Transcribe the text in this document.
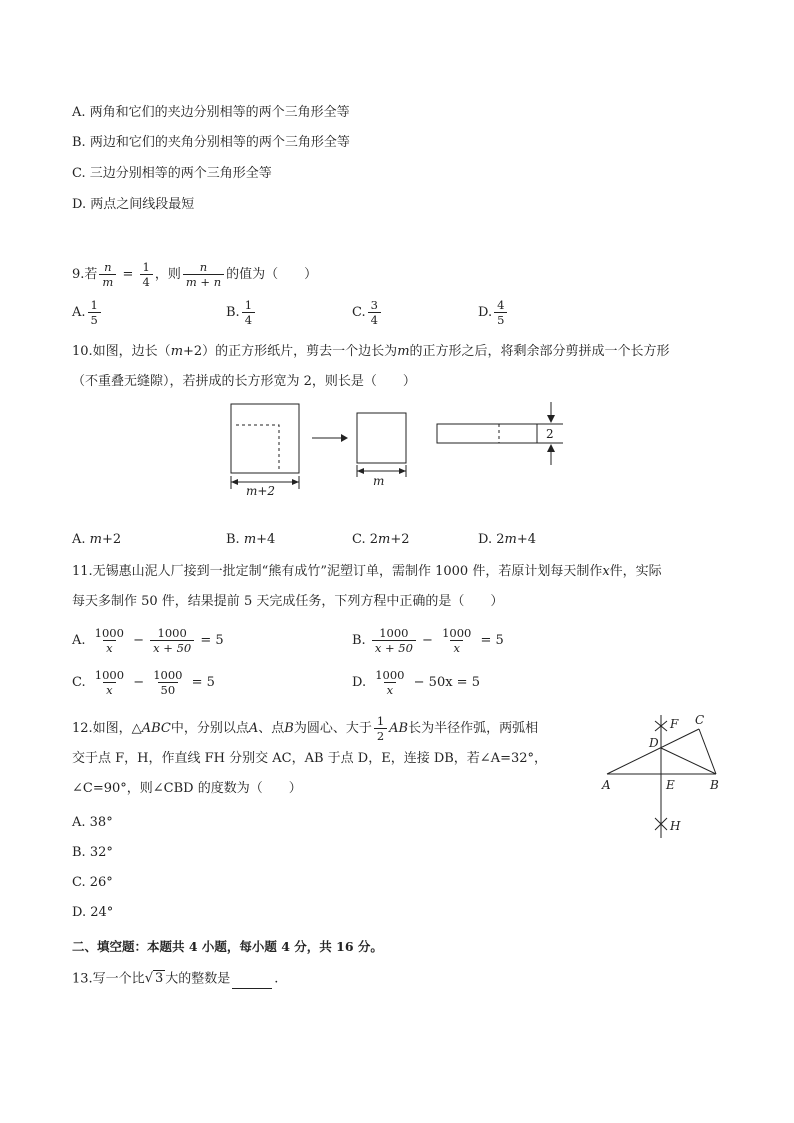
A. 两角和它们的夹边分别相等的两个三角形全等
B. 两边和它们的夹角分别相等的两个三角形全等
C. 三边分别相等的两个三角形全等
D. 两点之间线段最短
9.若 $\frac{n}{m} = \frac{1}{4}$ ，则 $\frac{n}{m + n}$ 的值为（　　）
A. $\frac{1}{5}$	B. $\frac{1}{4}$	C. $\frac{3}{4}$	D. $\frac{4}{5}$
10.如图，边长（m+2）的正方形纸片，剪去一个边长为m的正方形之后，将剩余部分剪拼成一个长方形
（不重叠无缝隙），若拼成的长方形宽为 2，则长是（　　）
m+2
m
2
A. m+2	B. m+4	C. 2m+2	D. 2m+4
11.无锡惠山泥人厂接到一批定制“熊有成竹”泥塑订单，需制作 1000 件，若原计划每天制作x件，实际
每天多制作 50 件，结果提前 5 天完成任务，下列方程中正确的是（　　）
A. $\frac{1000}{x} - \frac{1000}{x + 50} = 5$	B. $\frac{1000}{x + 50} - \frac{1000}{x} = 5$
C. $\frac{1000}{x} - \frac{1000}{50} = 5$	D. $\frac{1000}{x} - 50x = 5$
12.如图，△ABC中，分别以点A、点B为圆心、大于 $\frac{1}{2}$ AB长为半径作弧，两弧相
交于点 F，H，作直线 FH 分别交 AC，AB 于点 D，E，连接 DB，若∠A=32°，
∠C=90°，则∠CBD 的度数为（　　）
A. 38°
B. 32°
C. 26°
D. 24°
F C
D
A	E	B
H
二、填空题：本题共 4 小题，每小题 4 分，共 16 分。
13.写一个比 √ 3 大的整数是	.
